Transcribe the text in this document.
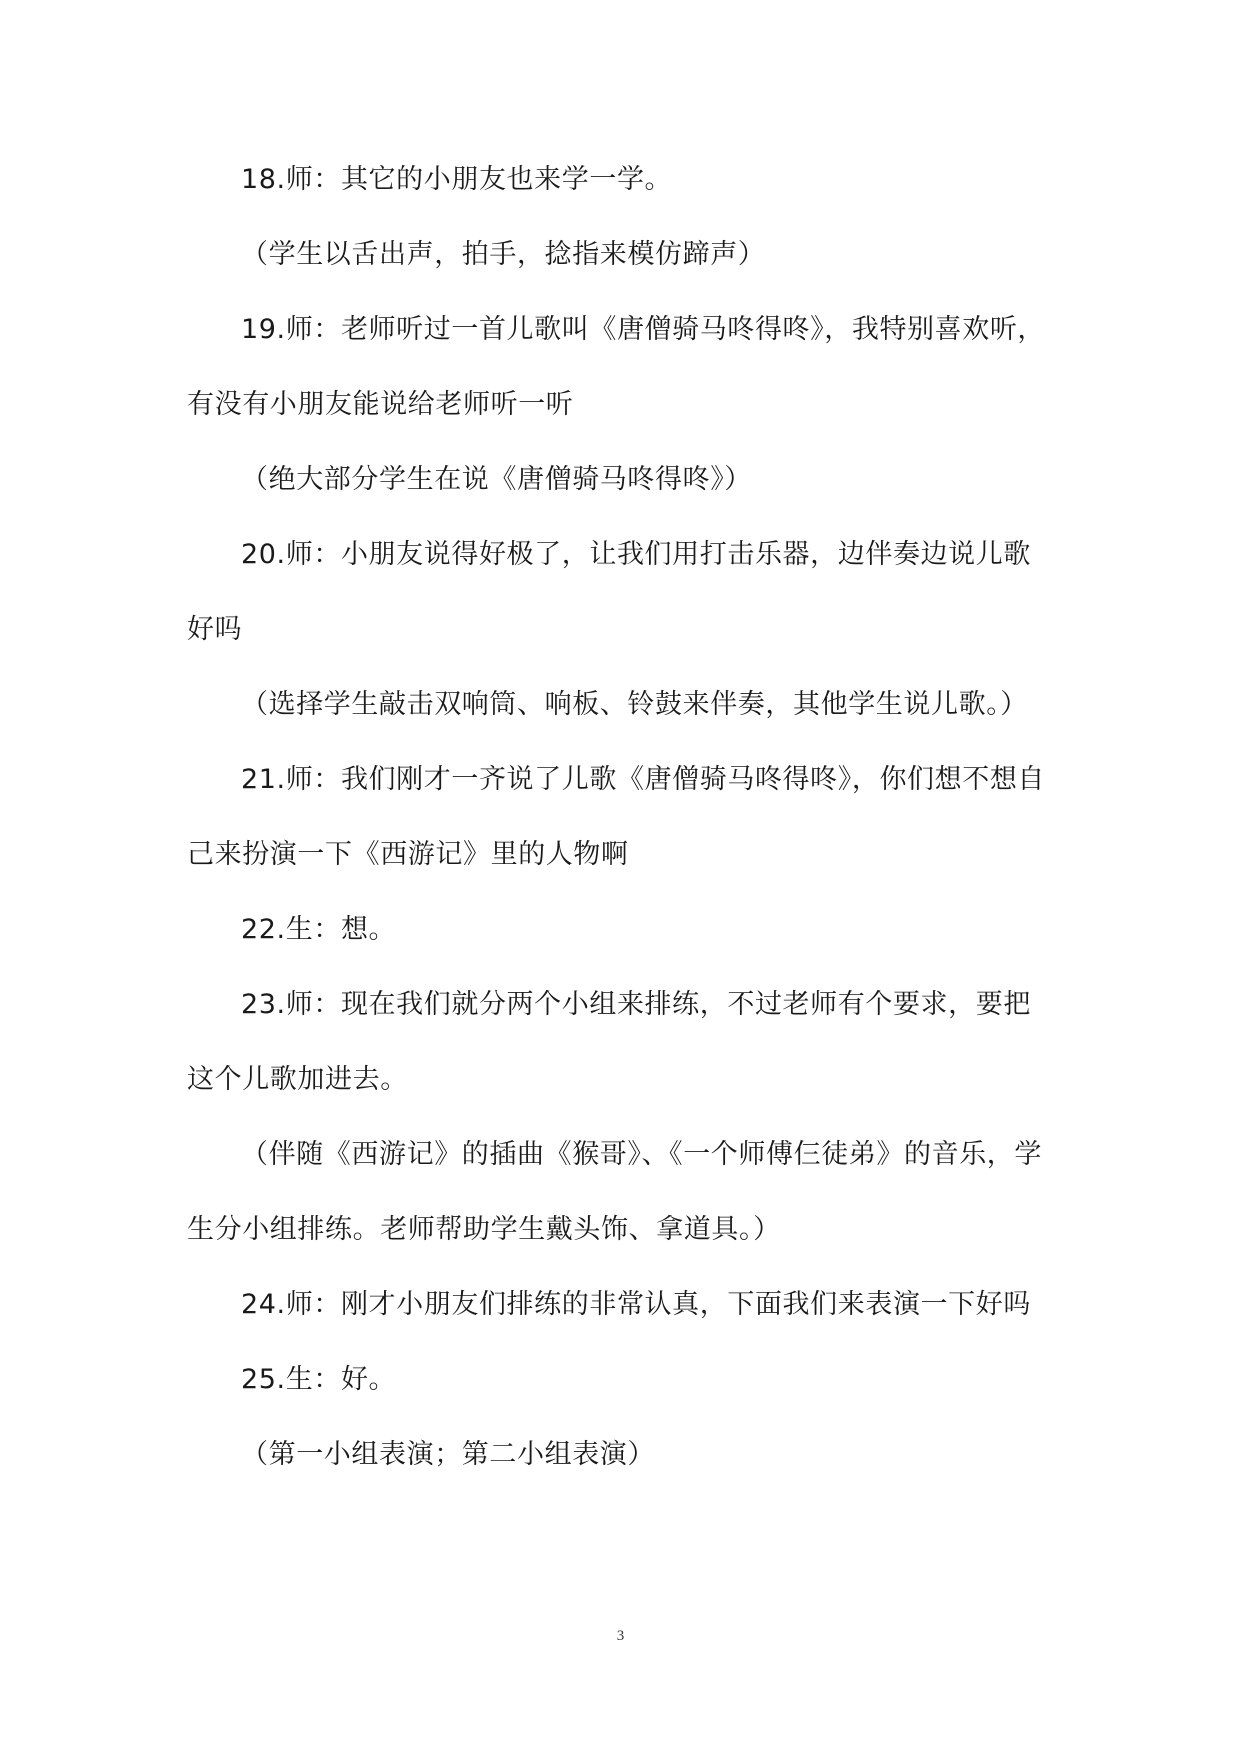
18.师：其它的小朋友也来学一学。

（学生以舌出声，拍手，捻指来模仿蹄声）

19.师：老师听过一首儿歌叫《唐僧骑马咚得咚》，我特别喜欢听，有没有小朋友能说给老师听一听

（绝大部分学生在说《唐僧骑马咚得咚》）

20.师：小朋友说得好极了，让我们用打击乐器，边伴奏边说儿歌好吗

（选择学生敲击双响筒、响板、铃鼓来伴奏，其他学生说儿歌。）

21.师：我们刚才一齐说了儿歌《唐僧骑马咚得咚》，你们想不想自己来扮演一下《西游记》里的人物啊

22.生：想。

23.师：现在我们就分两个小组来排练，不过老师有个要求，要把这个儿歌加进去。

（伴随《西游记》的插曲《猴哥》、《一个师傅仨徒弟》的音乐，学生分小组排练。老师帮助学生戴头饰、拿道具。）

24.师：刚才小朋友们排练的非常认真，下面我们来表演一下好吗

25.生：好。

（第一小组表演；第二小组表演）

3
